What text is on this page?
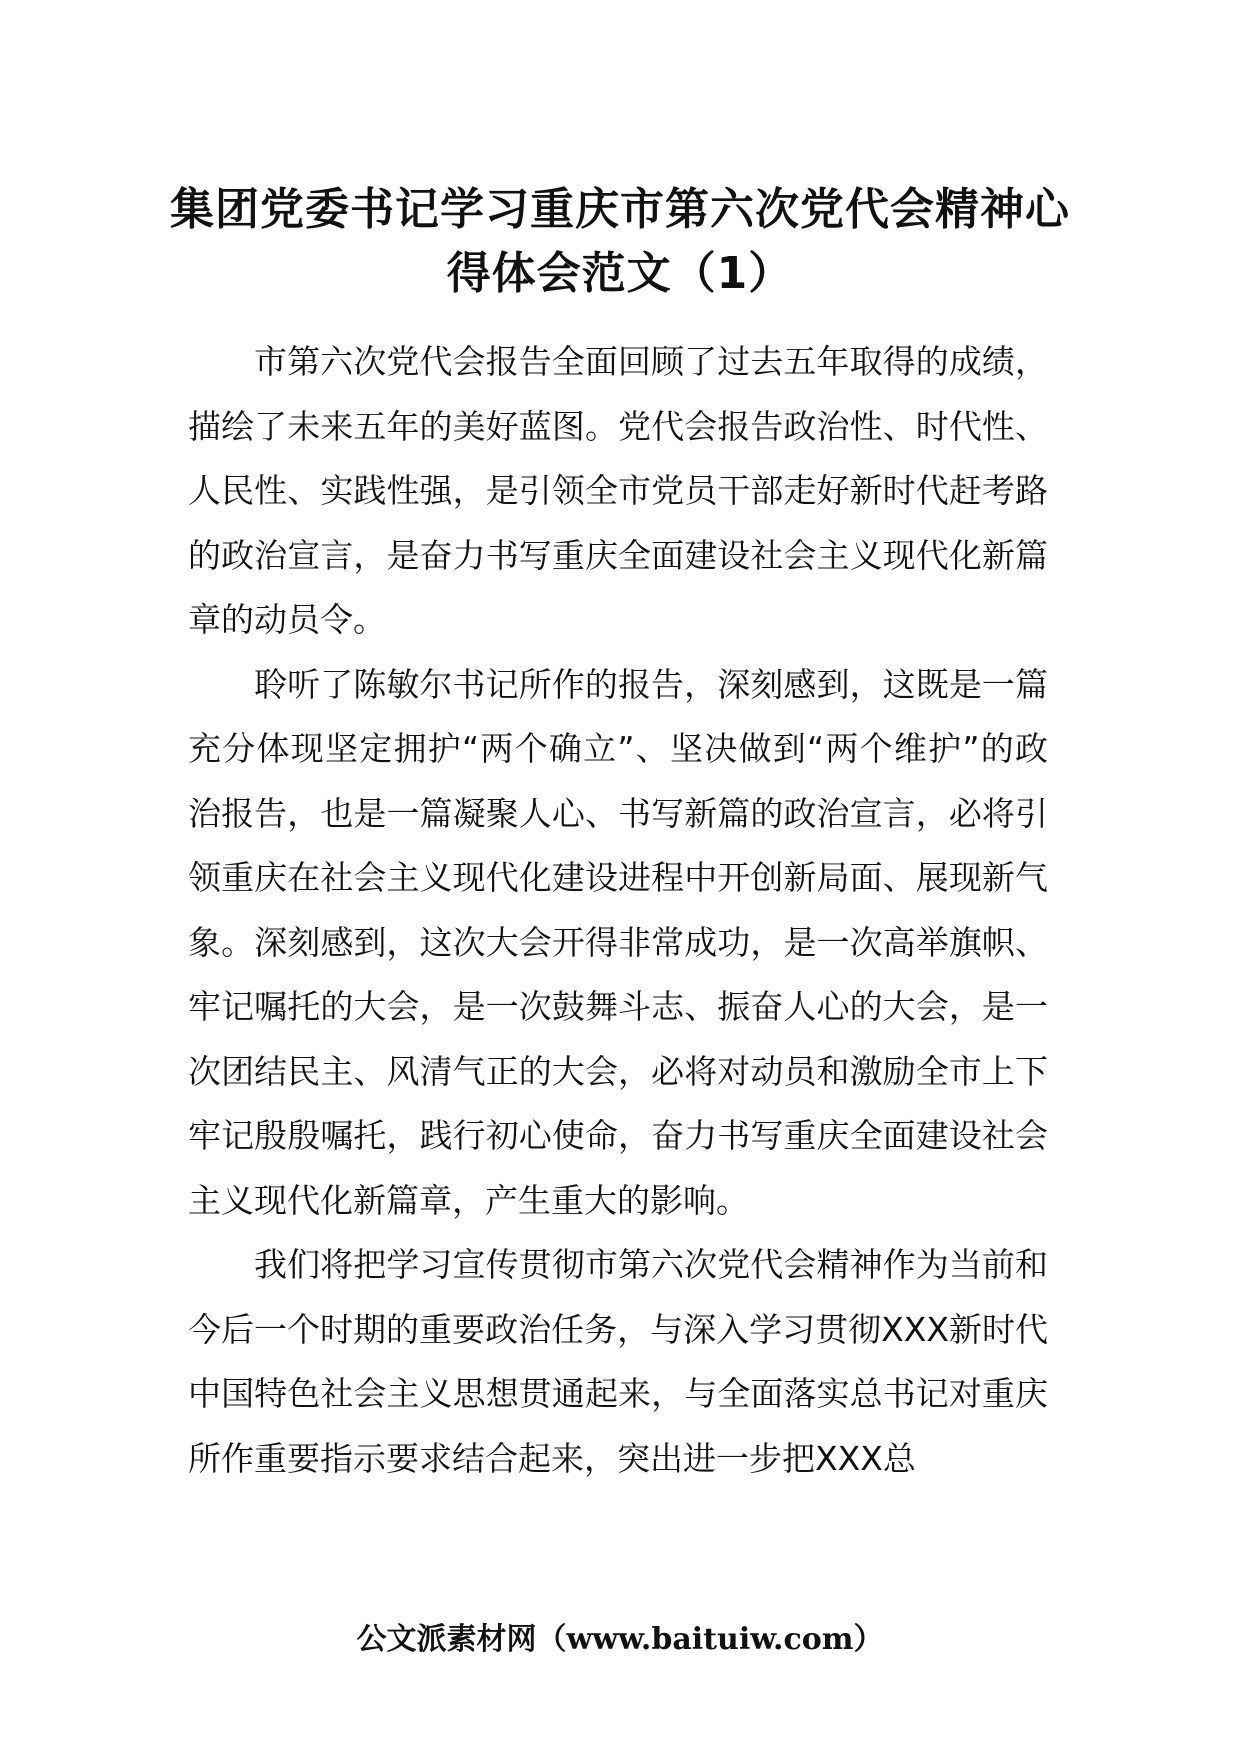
集团党委书记学习重庆市第六次党代会精神心得体会范文（1）

市第六次党代会报告全面回顾了过去五年取得的成绩，描绘了未来五年的美好蓝图。党代会报告政治性、时代性、人民性、实践性强，是引领全市党员干部走好新时代赶考路的政治宣言，是奋力书写重庆全面建设社会主义现代化新篇章的动员令。

聆听了陈敏尔书记所作的报告，深刻感到，这既是一篇充分体现坚定拥护“两个确立”、坚决做到“两个维护”的政治报告，也是一篇凝聚人心、书写新篇的政治宣言，必将引领重庆在社会主义现代化建设进程中开创新局面、展现新气象。深刻感到，这次大会开得非常成功，是一次高举旗帜、牢记嘱托的大会，是一次鼓舞斗志、振奋人心的大会，是一次团结民主、风清气正的大会，必将对动员和激励全市上下牢记殷殷嘱托，践行初心使命，奋力书写重庆全面建设社会主义现代化新篇章，产生重大的影响。

我们将把学习宣传贯彻市第六次党代会精神作为当前和今后一个时期的重要政治任务，与深入学习贯彻XXX新时代中国特色社会主义思想贯通起来，与全面落实总书记对重庆所作重要指示要求结合起来，突出进一步把XXX总

公文派素材网（www.baituiw.com）
